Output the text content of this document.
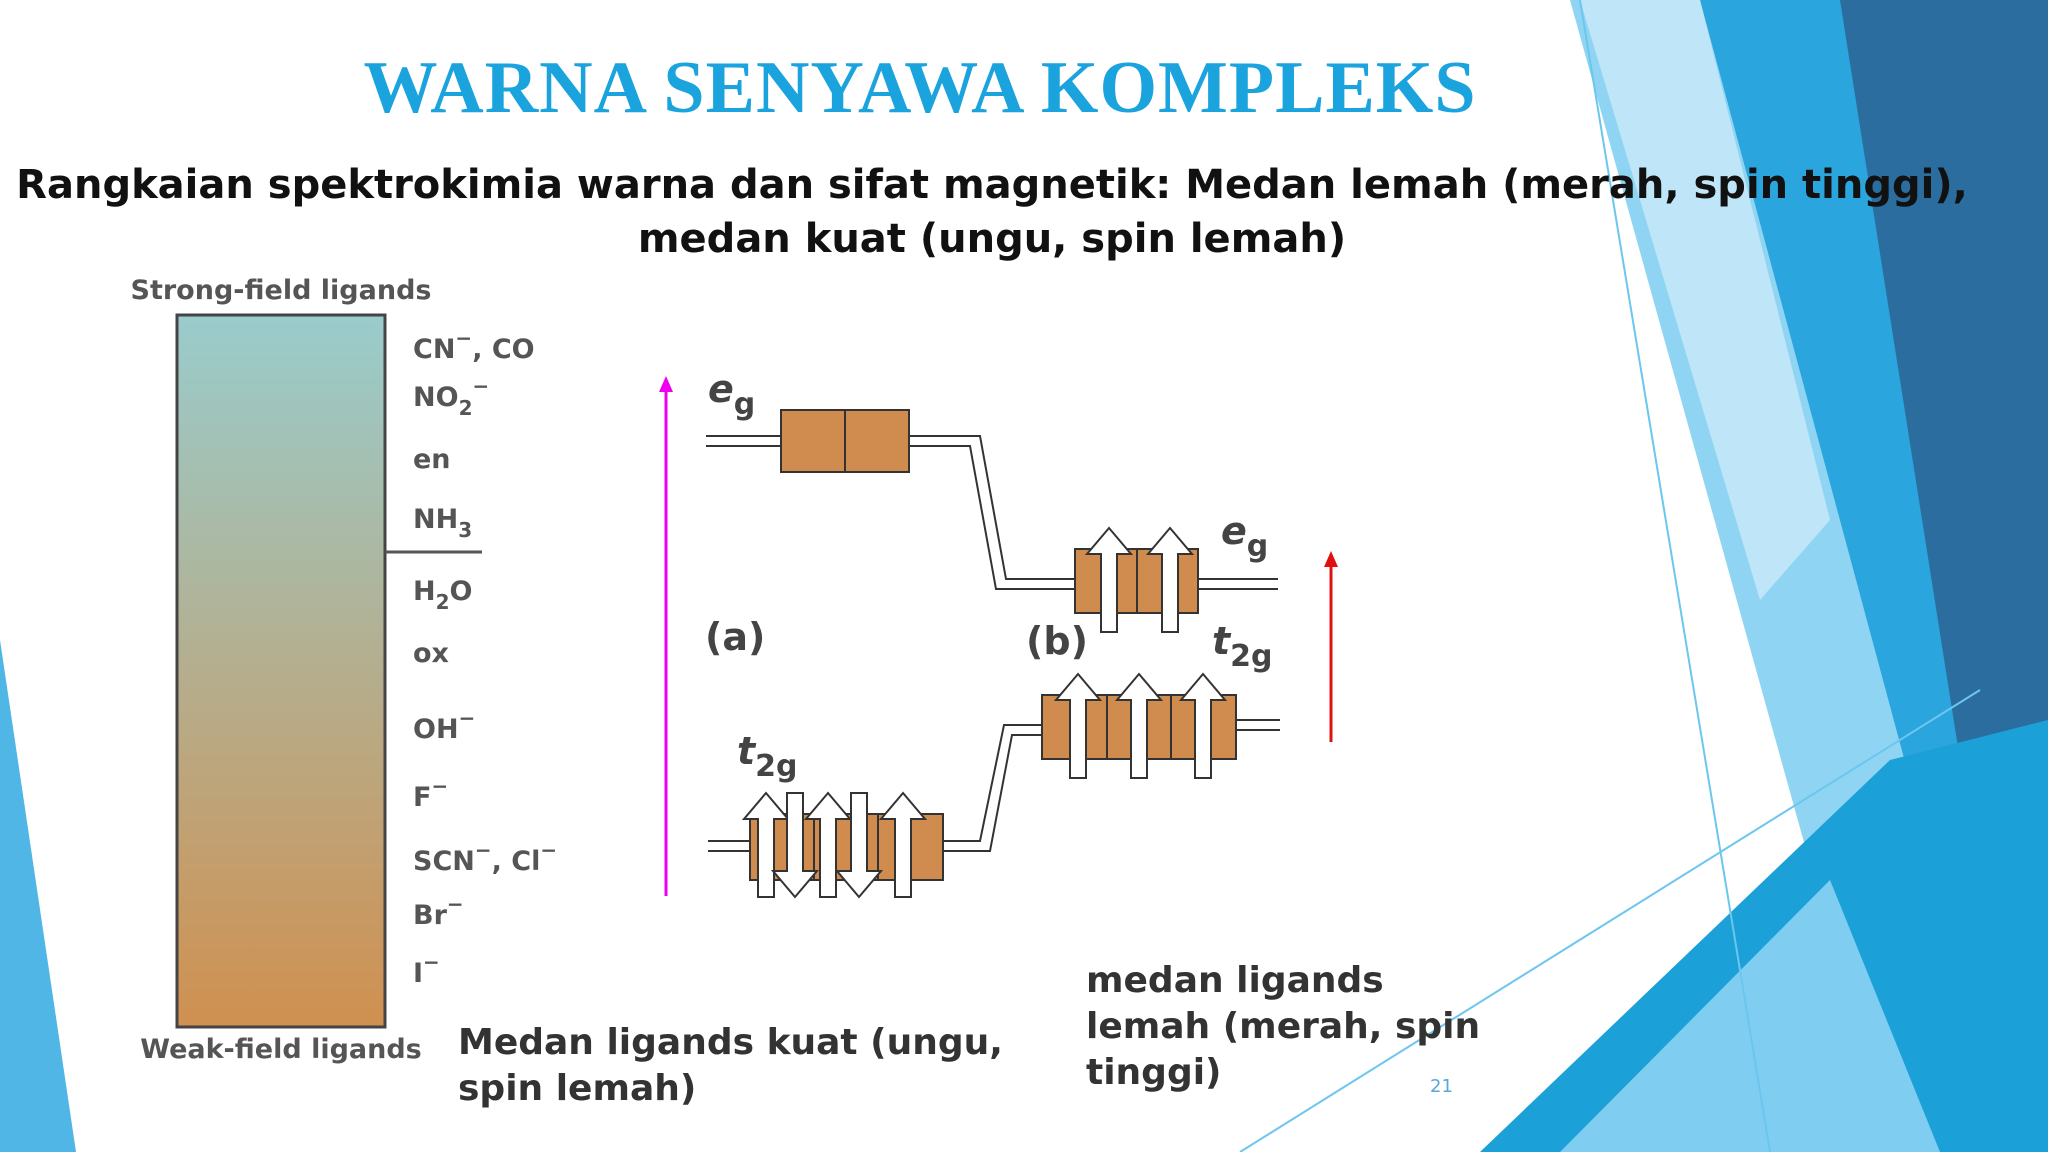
WARNA SENYAWA KOMPLEKS
Rangkaian spektrokimia warna dan sifat magnetik: Medan lemah (merah, spin tinggi), medan kuat (ungu, spin lemah)
Strong-field ligands
Weak-field ligands
CN−, CO
$NO_2^-$
en
$NH_3$
$H_2O$
ox
OH−
F−
SCN−, Cl−
Br−
I−
$e_g$
$t_{2g}$
$e_g$
$t_{2g}$
(a)	(b)
Medan ligands kuat (ungu, spin lemah)
medan ligands lemah (merah, spin tinggi)	21
